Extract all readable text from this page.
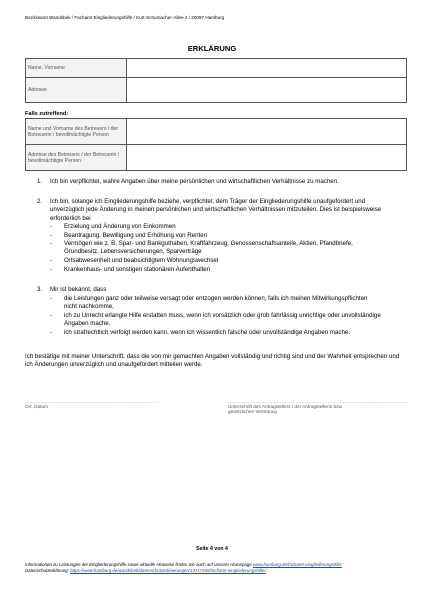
Bezirksamt Wandsbek / Fachamt Eingliederungshilfe / Kurt-Schumacher-Allee 4 / 20097 Hamburg
ERKLÄRUNG
Name, Vorname	
Adresse	
Falls zutreffend:
Name und Vorname des Betreuers / der Betreuerin / bevollmächtigte Person	
Adresse des Betreuers / der Betreuerin / bevollmächtigte Person	
1. Ich bin verpflichtet, wahre Angaben über meine persönlichen und wirtschaftlichen Verhältnisse zu machen.
2. Ich bin, solange ich Eingliederungshilfe beziehe, verpflichtet, dem Träger der Eingliederungshilfe unaufgefordert und unverzüglich jede Änderung in meinen persönlichen und wirtschaftlichen Verhältnissen mitzuteilen. Dies ist beispielsweise erforderlich bei
- Erzielung und Änderung von Einkommen
- Beantragung, Bewilligung und Erhöhung von Renten
- Vermögen wie z. B. Spar- und Bankguthaben, Kraftfahrzeug, Genossenschaftsanteile, Aktien, Pfandbriefe, Grundbesitz, Lebensversicherungen, Sparverträge
- Ortsabwesenheit und beabsichtigtem Wohnungswechsel
- Krankenhaus- und sonstigen stationären Aufenthalten
3. Mir ist bekannt, dass
- die Leistungen ganz oder teilweise versagt oder entzogen werden können, falls ich meinen Mitwirkungspflichten nicht nachkomme,
- ich zu Unrecht erlangte Hilfe erstatten muss, wenn ich vorsätzlich oder grob fahrlässig unrichtige oder unvollständige Angaben mache,
- ich strafrechtlich verfolgt werden kann, wenn ich wissentlich falsche oder unvollständige Angaben mache.
Ich bestätige mit meiner Unterschrift, dass die von mir gemachten Angaben vollständig und richtig sind und der Wahrheit entsprechen und ich Änderungen unverzüglich und unaufgefordert mitteilen werde.
……………………………………………………………………………	………………………………………………………………………………………………………
Ort, Datum	Unterschrift des Antragstellers / der Antragstellerin bzw. gesetzlichen Vertretung
Seite 4 von 4
Informationen zu Leistungen der Eingliederungshilfe sowie aktuelle Hinweise finden Sie auch auf unserer Homepage www.hamburg.de/fachamt-eingliederungshilfe
Datenschutzerklärung: https://www.hamburg.de/wandsbek/datenschutzerklaerungen/13717536/fachamt-eingliederungshilfe/
